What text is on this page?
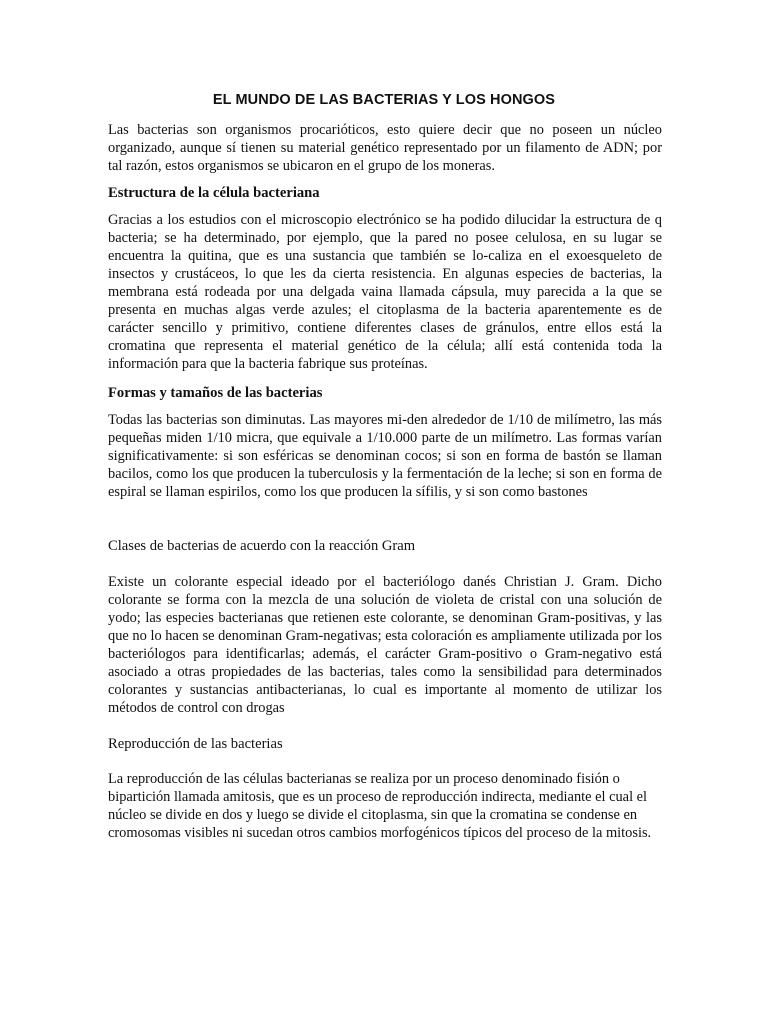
EL MUNDO DE LAS BACTERIAS Y LOS HONGOS

Las bacterias son organismos procarióticos, esto quiere decir que no poseen un núcleo organizado, aunque sí tienen su material genético representado por un filamento de ADN; por tal razón, estos organismos se ubicaron en el grupo de los moneras.

Estructura de la célula bacteriana

Gracias a los estudios con el microscopio electrónico se ha podido dilucidar la estructura de q bacteria; se ha determinado, por ejemplo, que la pared no posee celulosa, en su lugar se encuentra la quitina, que es una sustancia que también se lo-caliza en el exoesqueleto de insectos y crustáceos, lo que les da cierta resistencia. En algunas especies de bacterias, la membrana está rodeada por una delgada vaina llamada cápsula, muy parecida a la que se presenta en muchas algas verde azules; el citoplasma de la bacteria aparentemente es de carácter sencillo y primitivo, contiene diferentes clases de gránulos, entre ellos está la cromatina que representa el material genético de la célula; allí está contenida toda la información para que la bacteria fabrique sus proteínas.

Formas y tamaños de las bacterias

Todas las bacterias son diminutas. Las mayores mi-den alrededor de 1/10 de milímetro, las más pequeñas miden 1/10 micra, que equivale a 1/10.000 parte de un milímetro. Las formas varían significativamente: si son esféricas se denominan cocos; si son en forma de bastón se llaman bacilos, como los que producen la tuberculosis y la fermentación de la leche; si son en forma de espiral se llaman espirilos, como los que producen la sífilis, y si son como bastones

Clases de bacterias de acuerdo con la reacción Gram

Existe un colorante especial ideado por el bacteriólogo danés Christian J. Gram. Dicho colorante se forma con la mezcla de una solución de violeta de cristal con una solución de yodo; las especies bacterianas que retienen este colorante, se denominan Gram-positivas, y las que no lo hacen se denominan Gram-negativas; esta coloración es ampliamente utilizada por los bacteriólogos para identificarlas; además, el carácter Gram-positivo o Gram-negativo está asociado a otras propiedades de las bacterias, tales como la sensibilidad para determinados colorantes y sustancias antibacterianas, lo cual es importante al momento de utilizar los métodos de control con drogas

Reproducción de las bacterias

La reproducción de las células bacterianas se realiza por un proceso denominado fisión o bipartición llamada amitosis, que es un proceso de reproducción indirecta, mediante el cual el núcleo se divide en dos y luego se divide el citoplasma, sin que la cromatina se condense en cromosomas visibles ni sucedan otros cambios morfogénicos típicos del proceso de la mitosis.
